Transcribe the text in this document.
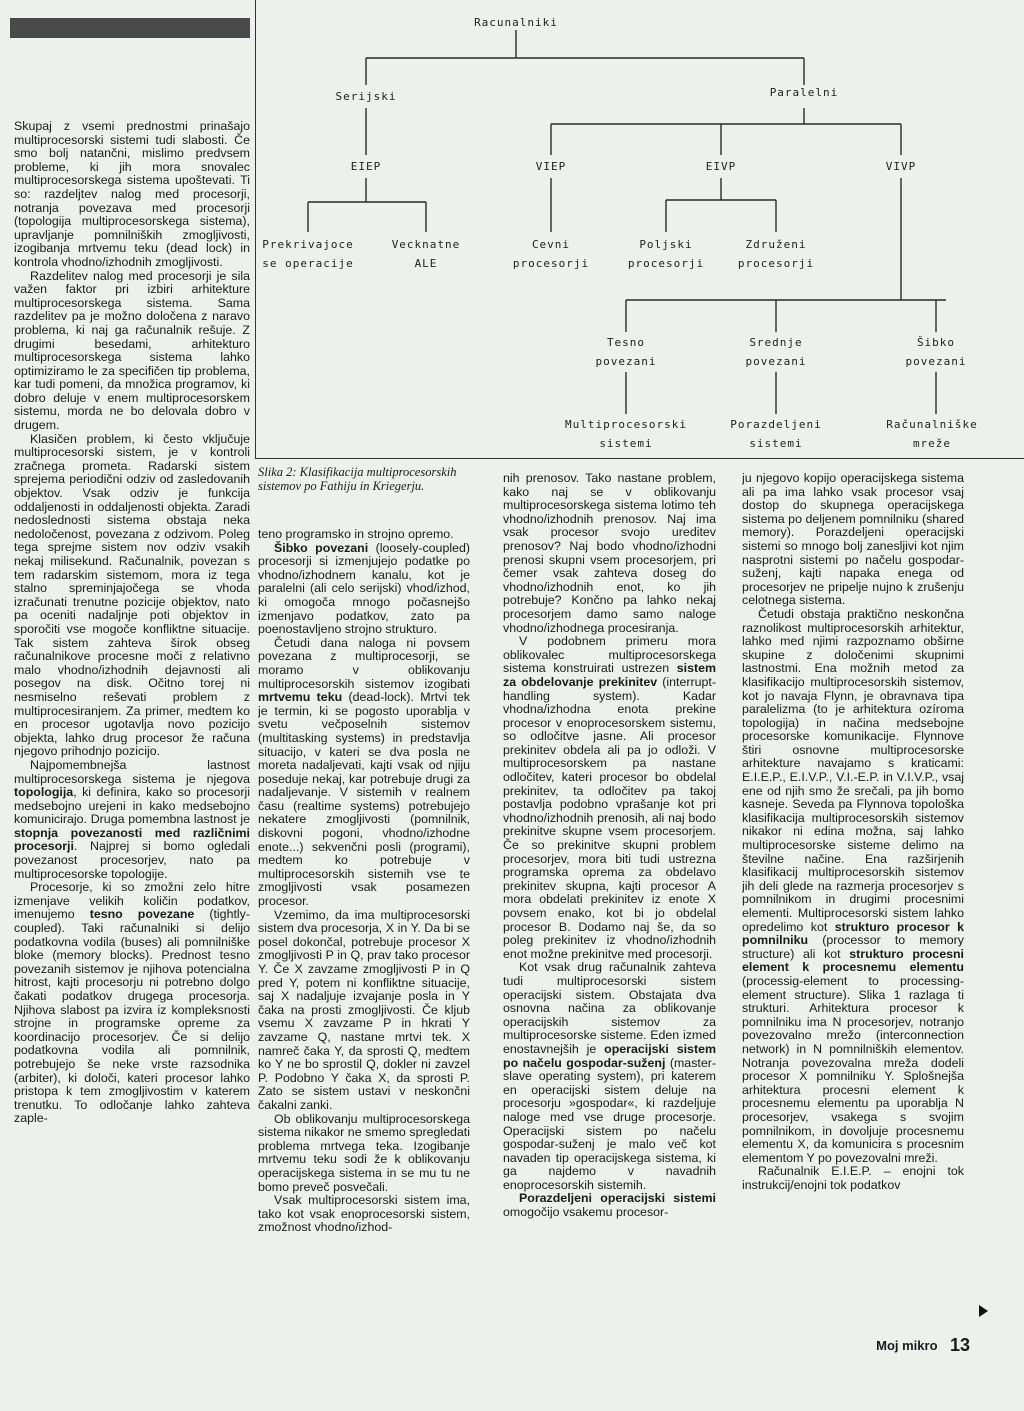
Racunalniki
Serijski	Paralelni
EIEP	VIEP	EIVP	VIVP
Prekrivajoce
se operacije
Vecknatne
ALE
Cevni
procesorji
Poljski
procesorji
Združeni
procesorji
Tesno
povezani
Srednje
povezani
Šibko
povezani
Multiprocesorski
sistemi
Porazdeljeni
sistemi
Računalniške
mreže
Slika 2: Klasifikacija multiprocesorskih sistemov po Fathiju in Kriegerju.

Skupaj z vsemi prednostmi prinašajo multiprocesorski sistemi tudi slabosti. Če smo bolj natančni, mislimo predvsem probleme, ki jih mora snovalec multiprocesorskega sistema upoštevati. Ti so: razdeljtev nalog med procesorji, notranja povezava med procesorji (topologija multiprocesorskega sistema), upravljanje pomnilniških zmogljivosti, izogibanja mrtvemu teku (dead lock) in kontrola vhodno/izhodnih zmogljivosti.

Razdelitev nalog med procesorji je sila važen faktor pri izbiri arhitekture multiprocesorskega sistema. Sama razdelitev pa je možno določena z naravo problema, ki naj ga računalnik rešuje. Z drugimi besedami, arhitekturo multiprocesorskega sistema lahko optimiziramo le za specifičen tip problema, kar tudi pomeni, da množica programov, ki dobro deluje v enem multiprocesorskem sistemu, morda ne bo delovala dobro v drugem.

Klasičen problem, ki često vključuje multiprocesorski sistem, je v kontroli zračnega prometa. Radarski sistem sprejema periodični odziv od zasledovanih objektov. Vsak odziv je funkcija oddaljenosti in oddaljenosti objekta. Zaradi nedoslednosti sistema obstaja neka nedoločenost, povezana z odzivom. Poleg tega sprejme sistem nov odziv vsakih nekaj milisekund. Računalnik, povezan s tem radarskim sistemom, mora iz tega stalno spreminjajočega se vhoda izračunati trenutne pozicije objektov, nato pa oceniti nadaljnje poti objektov in sporočiti vse mogoče konfliktne situacije. Tak sistem zahteva širok obseg računalnikove procesne moči z relativno malo vhodno/izhodnih dejavnosti ali posegov na disk. Očitno torej ni nesmiselno reševati problem z multiprocesiranjem. Za primer, medtem ko en procesor ugotavlja novo pozicijo objekta, lahko drug procesor že računa njegovo prihodnjo pozicijo.

Najpomembnejša lastnost multiprocesorskega sistema je njegova topologija, ki definira, kako so procesorji medsebojno urejeni in kako medsebojno komunicirajo. Druga pomembna lastnost je stopnja povezanosti med različnimi procesorji. Najprej si bomo ogledali povezanost procesorjev, nato pa multiprocesorske topologije.

Procesorje, ki so zmožni zelo hitre izmenjave velikih količin podatkov, imenujemo tesno povezane (tightly-coupled). Taki računalniki si delijo podatkovna vodila (buses) ali pomnilniške bloke (memory blocks). Prednost tesno povezanih sistemov je njihova potencialna hitrost, kajti procesorju ni potrebno dolgo čakati podatkov drugega procesorja. Njihova slabost pa izvira iz kompleksnosti strojne in programske opreme za koordinacijo procesorjev. Če si delijo podatkovna vodila ali pomnilnik, potrebujejo še neke vrste razsodnika (arbiter), ki določi, kateri procesor lahko pristopa k tem zmogljivostim v katerem trenutku. To odločanje lahko zahteva zaple-

teno programsko in strojno opremo.

Šibko povezani (loosely-coupled) procesorji si izmenjujejo podatke po vhodno/izhodnem kanalu, kot je paralelni (ali celo serijski) vhod/izhod, ki omogoča mnogo počasnejšo izmenjavo podatkov, zato pa poenostavljeno strojno strukturo.

Četudi dana naloga ni povsem povezana z multiprocesorji, se moramo v oblikovanju multiprocesorskih sistemov izogibati mrtvemu teku (dead-lock). Mrtvi tek je termin, ki se pogosto uporablja v svetu večposelnih sistemov (multitasking systems) in predstavlja situacijo, v kateri se dva posla ne moreta nadaljevati, kajti vsak od njiju poseduje nekaj, kar potrebuje drugi za nadaljevanje. V sistemih v realnem času (realtime systems) potrebujejo nekatere zmogljivosti (pomnilnik, diskovni pogoni, vhodno/izhodne enote...) sekvenčni posli (programi), medtem ko potrebuje v multiprocesorskih sistemih vse te zmogljivosti vsak posamezen procesor.

Vzemimo, da ima multiprocesorski sistem dva procesorja, X in Y. Da bi se posel dokončal, potrebuje procesor X zmogljivosti P in Q, prav tako procesor Y. Če X zavzame zmogljivosti P in Q pred Y, potem ni konfliktne situacije, saj X nadaljuje izvajanje posla in Y čaka na prosti zmogljivosti. Če kljub vsemu X zavzame P in hkrati Y zavzame Q, nastane mrtvi tek. X namreč čaka Y, da sprosti Q, medtem ko Y ne bo sprostil Q, dokler ni zavzel P. Podobno Y čaka X, da sprosti P. Zato se sistem ustavi v neskončni čakalni zanki.

Ob oblikovanju multiprocesorskega sistema nikakor ne smemo spregledati problema mrtvega teka. Izogibanje mrtvemu teku sodi že k oblikovanju operacijskega sistema in se mu tu ne bomo prevеč posvečali.

Vsak multiprocesorski sistem ima, tako kot vsak enoprocesorski sistem, zmožnost vhodno/izhod-

nih prenosov. Tako nastane problem, kako naj se v oblikovanju multiprocesorskega sistema lotimo teh vhodno/izhodnih prenosov. Naj ima vsak procesor svojo ureditev prenosov? Naj bodo vhodno/izhodni prenosi skupni vsem procesorjem, pri čemer vsak zahteva doseg do vhodno/izhodnih enot, ko jih potrebuje? Končno pa lahko nekaj procesorjem damo samo naloge vhodno/izhodnega procesiranja.

V podobnem primeru mora oblikovalec multiprocesorskega sistema konstruirati ustrezen sistem za obdelovanje prekinitev (interrupt-handling system). Kadar vhodna/izhodna enota prekine procesor v enoprocesorskem sistemu, so odločitve jasne. Ali procesor prekinitev obdela ali pa jo odloži. V multiprocesorskem pa nastane odločitev, kateri procesor bo obdelal prekinitev, ta odločitev pa takoj postavlja podobno vprašanje kot pri vhodno/izhodnih prenosih, ali naj bodo prekinitve skupne vsem procesorjem. Če so prekinitve skupni problem procesorjev, mora biti tudi ustrezna programska oprema za obdelavo prekinitev skupna, kajti procesor A mora obdelati prekinitev iz enote X povsem enako, kot bi jo obdelal procesor B. Dodamo naj še, da so poleg prekinitev iz vhodno/izhodnih enot možne prekinitve med procesorji.

Kot vsak drug računalnik zahteva tudi multiprocesorski sistem operacijski sistem. Obstajata dva osnovna načina za oblikovanje operacijskih sistemov za multiprocesorske sisteme. Eden izmed enostavnejših je operacijski sistem po načelu gospodar-suženj (master-slave operating system), pri katerem en operacijski sistem deluje na procesorju »gospodar«, ki razdeljuje naloge med vse druge procesorje. Operacijski sistem po načelu gospodar-suženj je malo več kot navaden tip operacijskega sistema, ki ga najdemo v navadnih enoprocesorskih sistemih.

Porazdeljeni operacijski sistemi omogočijo vsakemu procesor-

ju njegovo kopijo operacijskega sistema ali pa ima lahko vsak procesor vsaj dostop do skupnega operacijskega sistema po deljenem pomnilniku (shared memory). Porazdeljeni operacijski sistemi so mnogo bolj zanesljivi kot njim nasprotni sistemi po načelu gospodar-suženj, kajti napaka enega od procesorjev ne pripelje nujno k zrušenju celotnega sistema.

Četudi obstaja praktično neskončna raznolikost multiprocesorskih arhitektur, lahko med njimi razpoznamo obširne skupine z določenimi skupnimi lastnostmi. Ena možnih metod za klasifikacijo multiprocesorskih sistemov, kot jo navaja Flynn, je obravnava tipa paralelizma (to je arhitektura ozíroma topologija) in načina medsebojne procesorske komunikacije. Flynnove štiri osnovne multiprocesorske arhitekture navajamo s kraticami: E.I.E.P., E.I.V.P., V.I.-E.P. in V.I.V.P., vsaj ene od njih smo že srečali, pa jih bomo kasneje. Seveda pa Flynnova topološka klasifikacija multiprocesorskih sistemov nikakor ni edina možna, saj lahko multiprocesorske sisteme delimo na številne načine. Ena razširjenih klasifikacij multiprocesorskih sistemov jih deli glede na razmerja procesorjev s pomnilnikom in drugimi procesnimi elementi. Multiprocesorski sistem lahko opredelimo kot strukturo procesor k pomnilniku (processor to memory structure) ali kot strukturo procesni element k procesnemu elementu (processig-element to processing-element structure). Slika 1 razlaga ti strukturi. Arhitektura procesor k pomnilniku ima N procesorjev, notranjo povezovalno mrežo (interconnection network) in N pomnilniških elementov. Notranja povezovalna mreža dodeli procesor X pomnilniku Y. Splošnejša arhitektura procesni element k procesnemu elementu pa uporablja N procesorjev, vsakega s svojim pomnilnikom, in dovoljuje procesnemu elementu X, da komunicira s procesnim elementom Y po povezovalni mreži.

Računalnik E.I.E.P. – enojni tok instrukcij/enojni tok podatkov

Moj mikro 13
